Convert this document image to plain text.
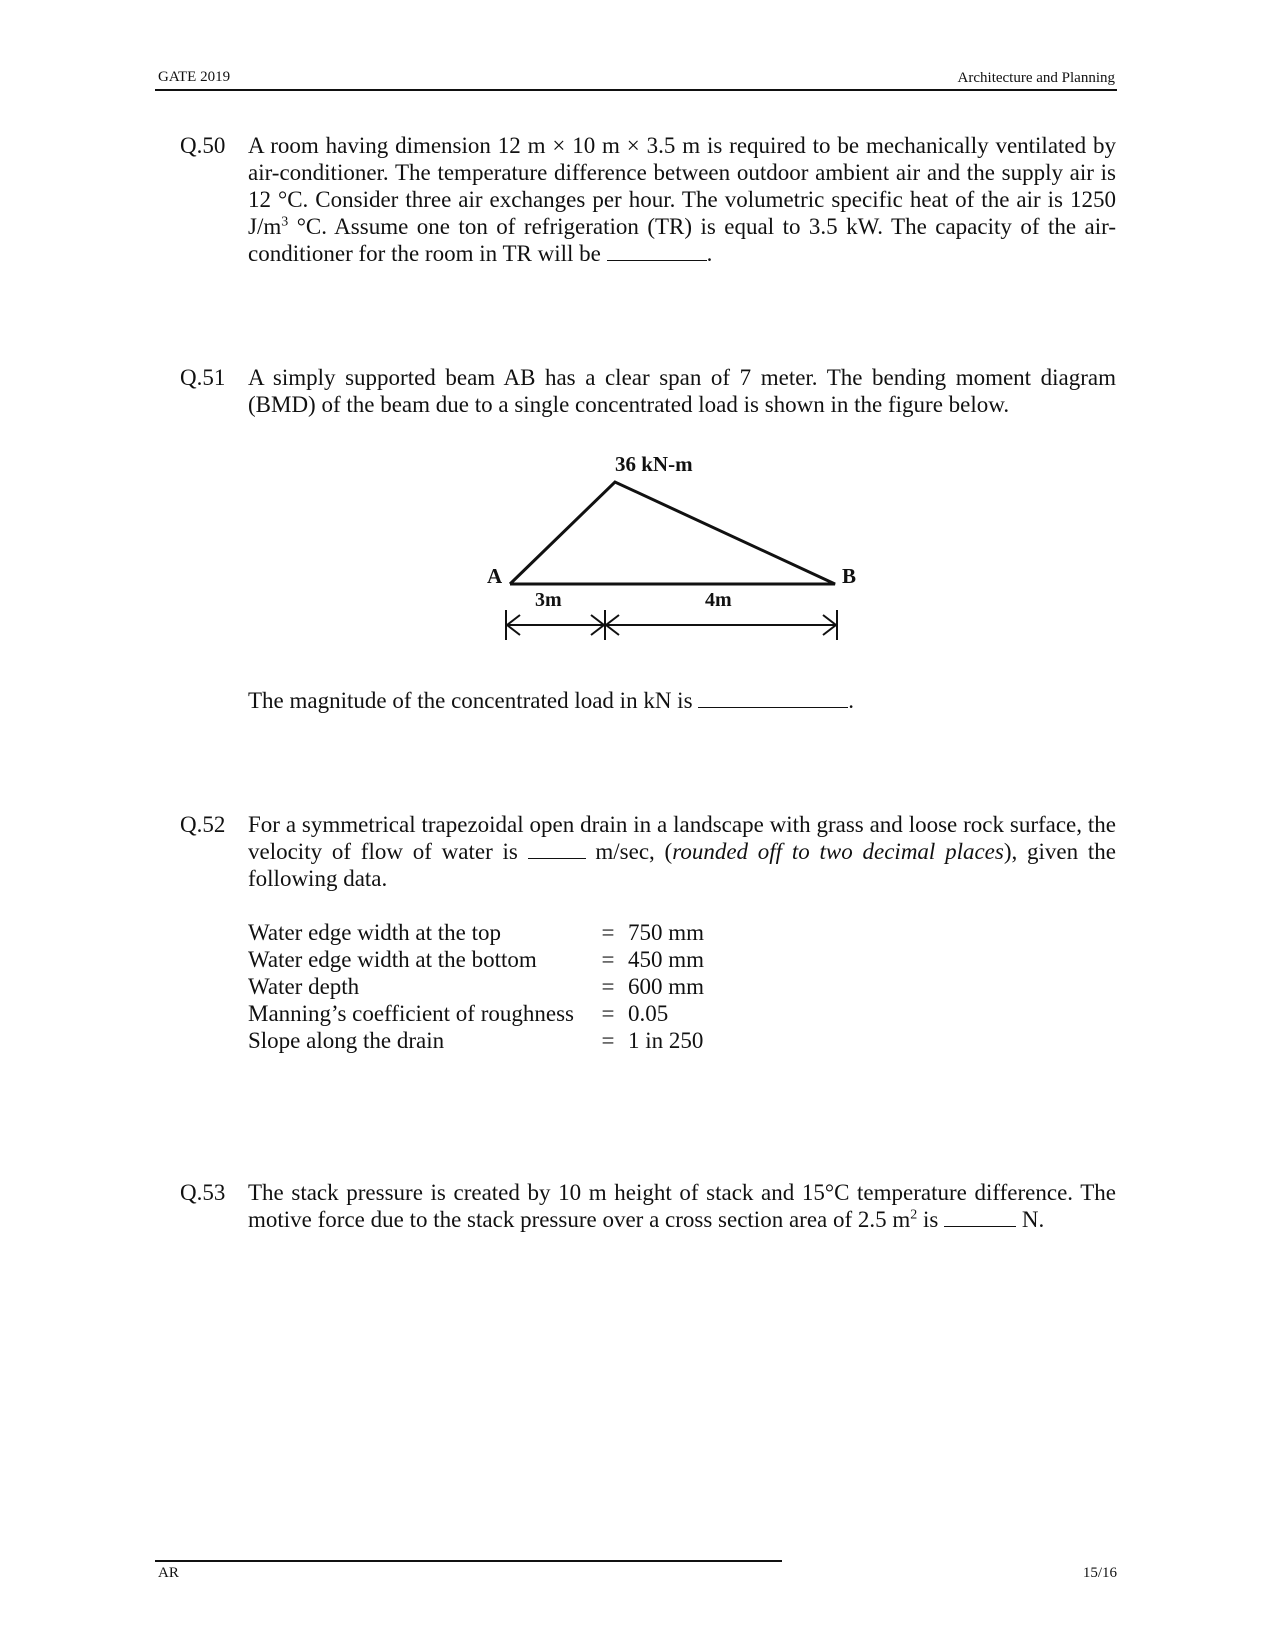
GATE 2019	Architecture and Planning
Q.50 A room having dimension 12 m × 10 m × 3.5 m is required to be mechanically ventilated by air-conditioner. The temperature difference between outdoor ambient air and the supply air is 12 °C. Consider three air exchanges per hour. The volumetric specific heat of the air is 1250 $J/m^3$ °C. Assume one ton of refrigeration (TR) is equal to 3.5 kW. The capacity of the air-conditioner for the room in TR will be	.
Q.51 A simply supported beam AB has a clear span of 7 meter. The bending moment diagram (BMD) of the beam due to a single concentrated load is shown in the figure below.
36 kN-m
A	B
3m	4m
The magnitude of the concentrated load in kN is	.
Q.52 For a symmetrical trapezoidal open drain in a landscape with grass and loose rock surface, the velocity of flow of water is	m/sec, (rounded off to two decimal places), given the following data.
Water edge width at the top	=	750 mm
Water edge width at the bottom	=	450 mm
Water depth	=	600 mm
Manning’s coefficient of roughness	=	0.05
Slope along the drain	=	1 in 250
Q.53 The stack pressure is created by 10 m height of stack and 15°C temperature difference. The motive force due to the stack pressure over a cross section area of 2.5 $m^2$ is	N.
AR	15/16
